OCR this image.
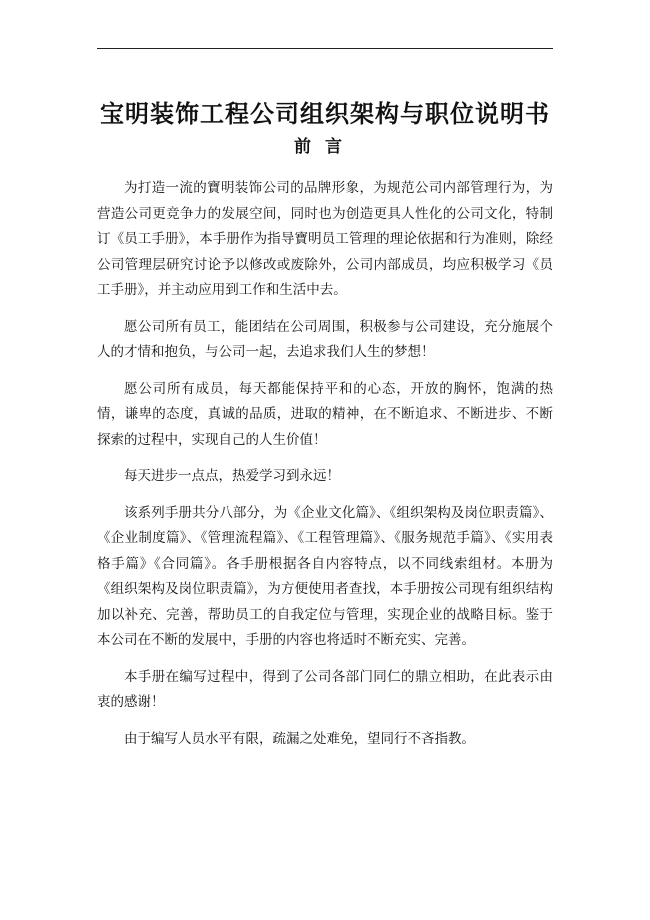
宝明装饰工程公司组织架构与职位说明书
前言

为打造一流的寶明装饰公司的品牌形象，为规范公司内部管理行为，为营造公司更竞争力的发展空间，同时也为创造更具人性化的公司文化，特制订《员工手册》，本手册作为指导寶明员工管理的理论依据和行为准则，除经公司管理层研究讨论予以修改或废除外，公司内部成员，均应积极学习《员工手册》，并主动应用到工作和生活中去。

愿公司所有员工，能团结在公司周围，积极参与公司建设，充分施展个人的才情和抱负，与公司一起，去追求我们人生的梦想！

愿公司所有成员，每天都能保持平和的心态，开放的胸怀，饱满的热情，谦卑的态度，真诚的品质，进取的精神，在不断追求、不断进步、不断探索的过程中，实现自己的人生价值！

每天进步一点点，热爱学习到永远！

该系列手册共分八部分，为《企业文化篇》、《组织架构及岗位职责篇》、《企业制度篇》、《管理流程篇》、《工程管理篇》、《服务规范手篇》、《实用表格手篇》《合同篇》。各手册根据各自内容特点，以不同线索组材。本册为《组织架构及岗位职责篇》，为方便使用者查找，本手册按公司现有组织结构加以补充、完善，帮助员工的自我定位与管理，实现企业的战略目标。鉴于本公司在不断的发展中，手册的内容也将适时不断充实、完善。

本手册在编写过程中，得到了公司各部门同仁的鼎立相助，在此表示由衷的感谢！

由于编写人员水平有限，疏漏之处难免，望同行不吝指教。
